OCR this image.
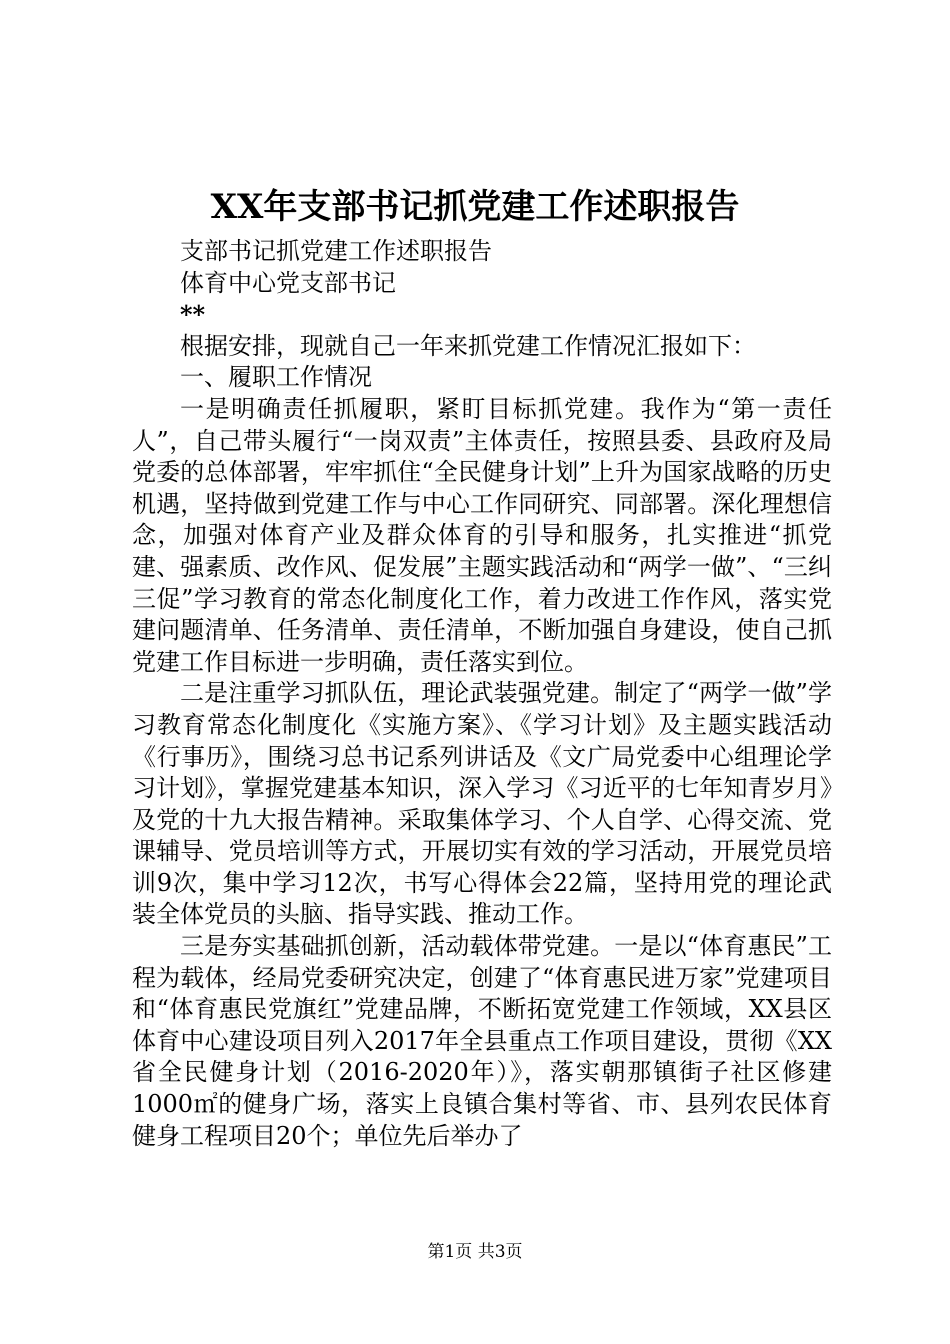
XX年支部书记抓党建工作述职报告
支部书记抓党建工作述职报告
体育中心党支部书记
**
根据安排，现就自己一年来抓党建工作情况汇报如下：
一、履职工作情况

一是明确责任抓履职，紧盯目标抓党建。我作为“第一责任人”，自己带头履行“一岗双责”主体责任，按照县委、县政府及局党委的总体部署，牢牢抓住“全民健身计划”上升为国家战略的历史机遇，坚持做到党建工作与中心工作同研究、同部署。深化理想信念，加强对体育产业及群众体育的引导和服务，扎实推进“抓党建、强素质、改作风、促发展”主题实践活动和“两学一做”、“三纠三促”学习教育的常态化制度化工作，着力改进工作作风，落实党建问题清单、任务清单、责任清单，不断加强自身建设，使自己抓党建工作目标进一步明确，责任落实到位。

二是注重学习抓队伍，理论武装强党建。制定了“两学一做”学习教育常态化制度化《实施方案》、《学习计划》及主题实践活动《行事历》，围绕习总书记系列讲话及《文广局党委中心组理论学习计划》，掌握党建基本知识，深入学习《习近平的七年知青岁月》及党的十九大报告精神。采取集体学习、个人自学、心得交流、党课辅导、党员培训等方式，开展切实有效的学习活动，开展党员培训9次，集中学习12次，书写心得体会22篇，坚持用党的理论武装全体党员的头脑、指导实践、推动工作。

三是夯实基础抓创新，活动载体带党建。一是以“体育惠民”工程为载体，经局党委研究决定，创建了“体育惠民进万家”党建项目和“体育惠民党旗红”党建品牌，不断拓宽党建工作领域，XX县区体育中心建设项目列入2017年全县重点工作项目建设，贯彻《XX省全民健身计划（2016-2020年）》，落实朝那镇街子社区修建1000㎡的健身广场，落实上良镇合集村等省、市、县列农民体育健身工程项目20个；单位先后举办了

第1页 共3页
